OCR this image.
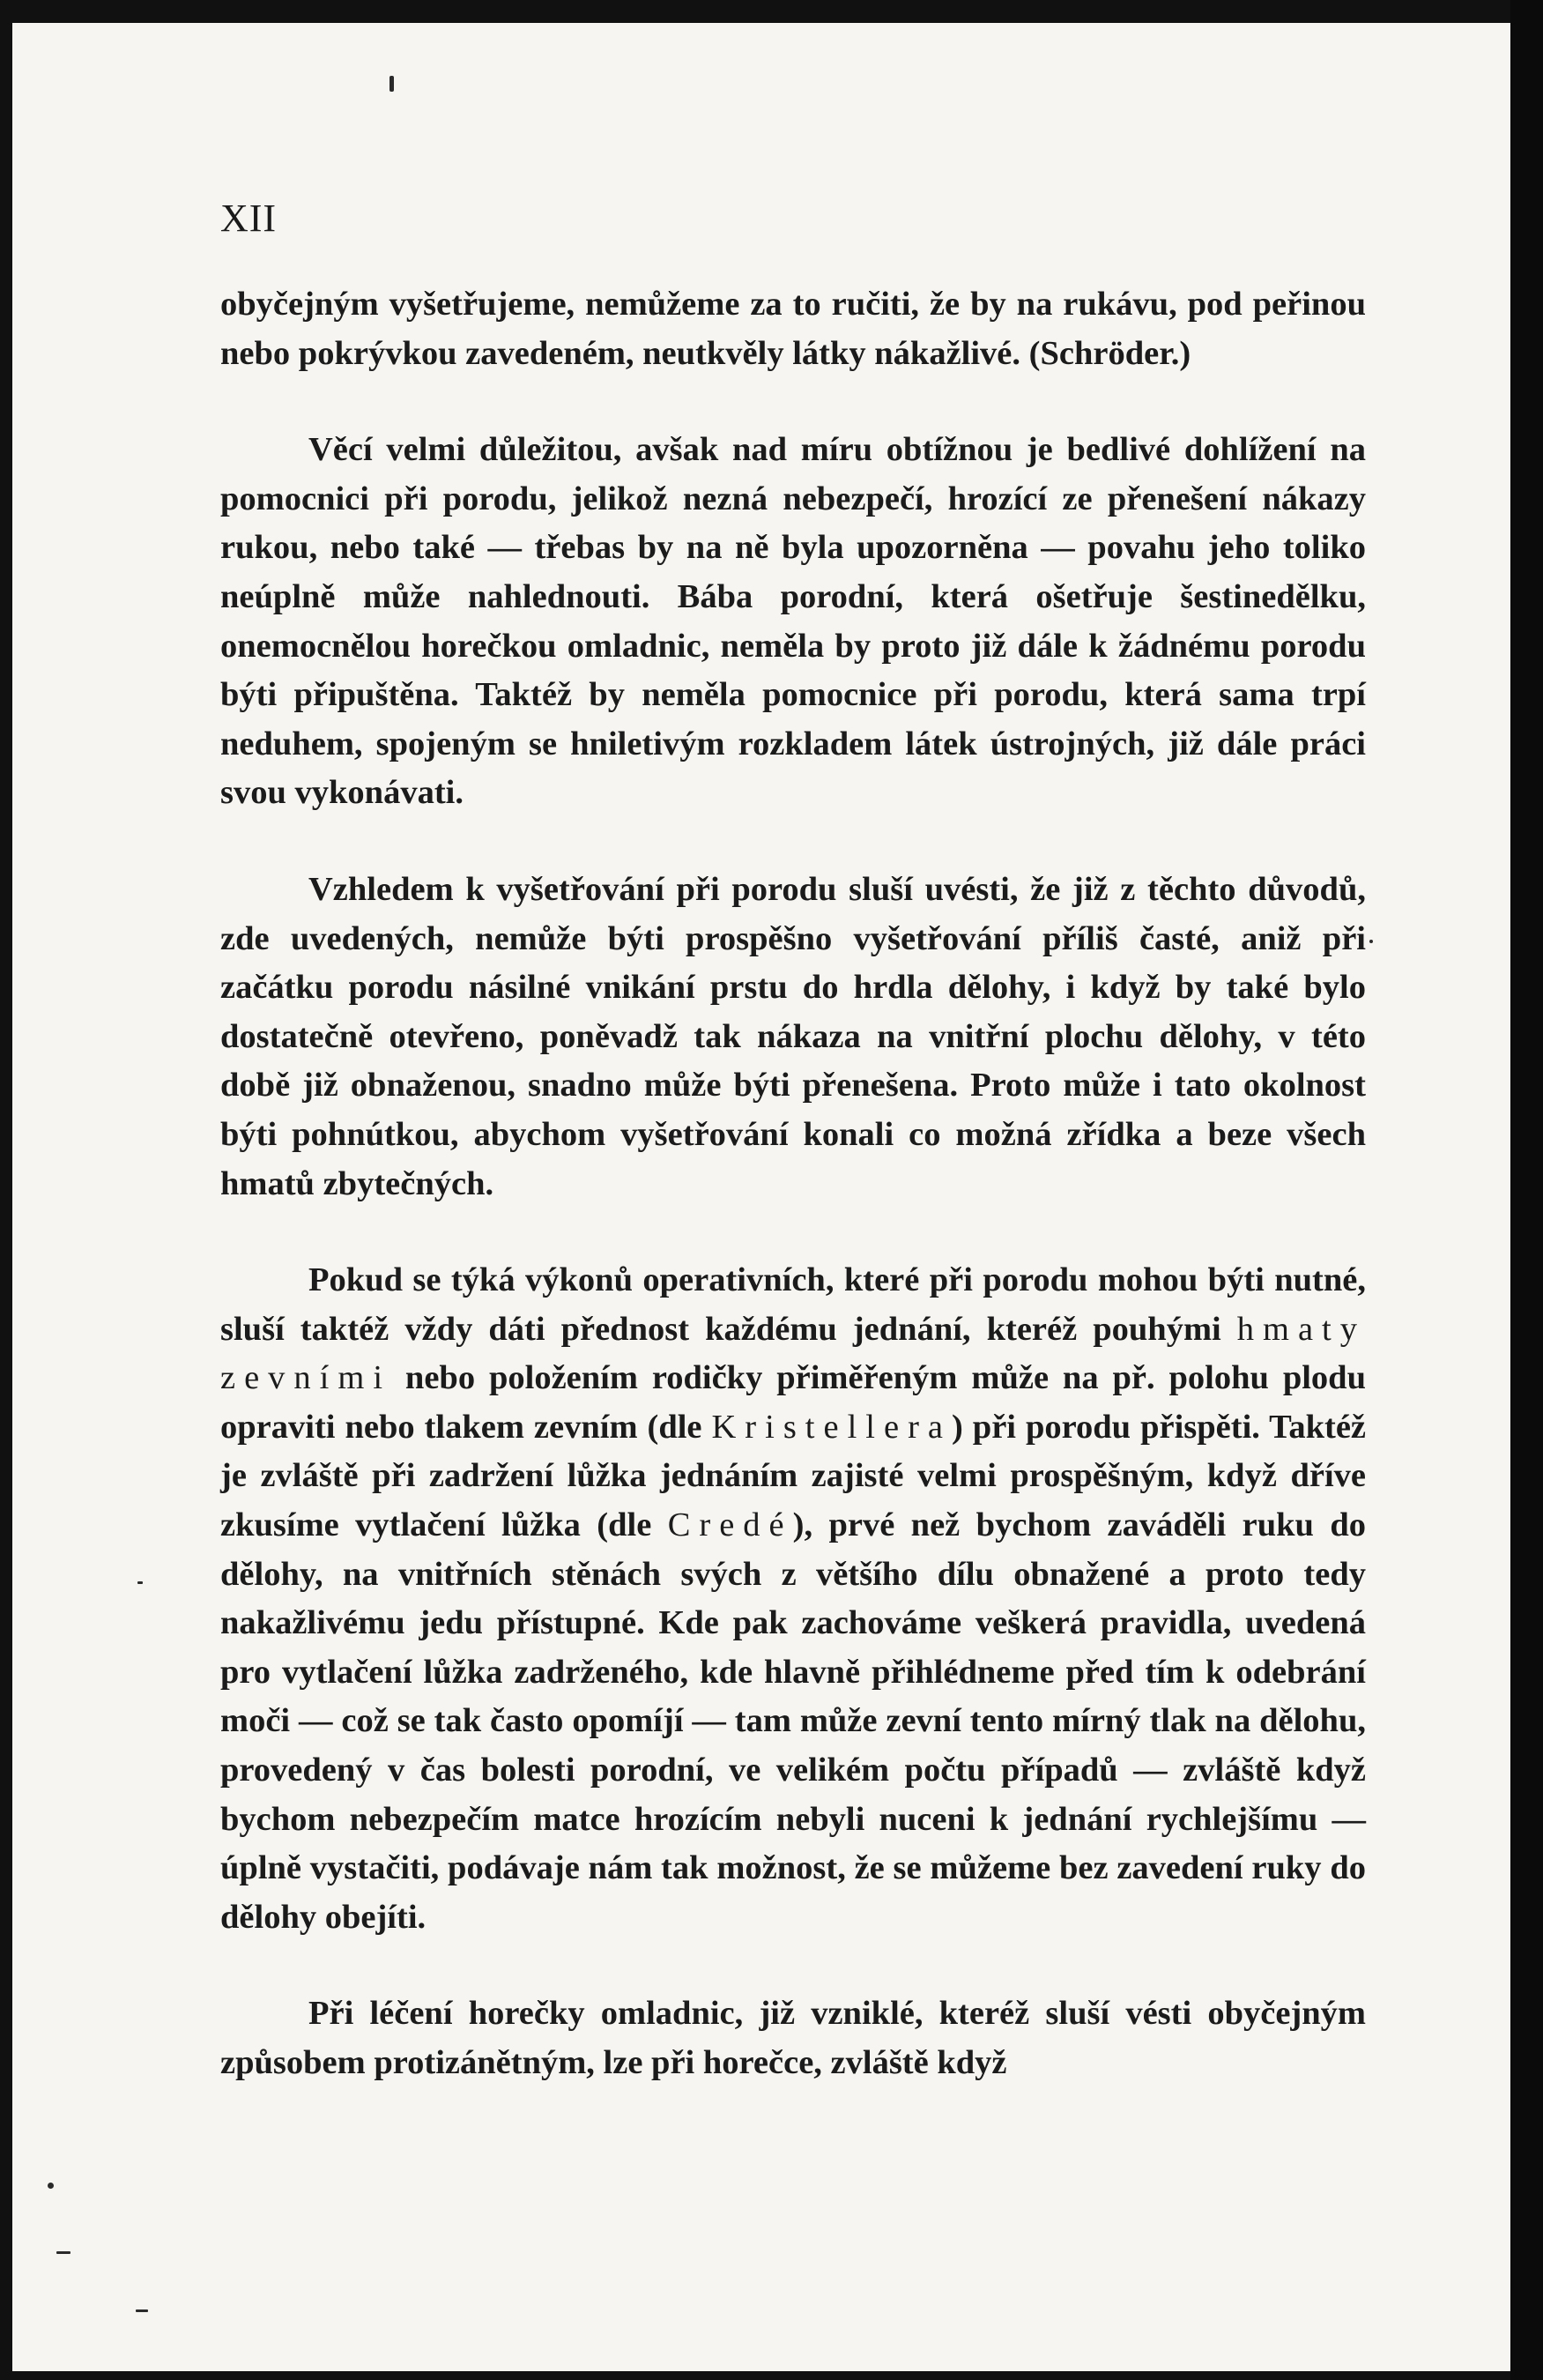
XII

obyčejným vyšetřujeme, nemůžeme za to ručiti, že by na rukávu, pod peřinou nebo pokrývkou zavedeném, neutkvěly látky nákažlivé. (Schröder.)

Věcí velmi důležitou, avšak nad míru obtížnou je bedlivé dohlížení na pomocnici při porodu, jelikož nezná nebezpečí, hrozící ze přenešení nákazy rukou, nebo také — třebas by na ně byla upozorněna — povahu jeho toliko neúplně může nahlednouti. Bába porodní, která ošetřuje šestinedělku, onemocnělou horečkou omladnic, neměla by proto již dále k žádnému porodu býti připuštěna. Taktéž by neměla pomocnice při porodu, která sama trpí neduhem, spojeným se hniletivým rozkladem látek ústrojných, již dále práci svou vykonávati.

Vzhledem k vyšetřování při porodu sluší uvésti, že již z těchto důvodů, zde uvedených, nemůže býti prospěšno vyšetřování příliš časté, aniž při začátku porodu násilné vnikání prstu do hrdla dělohy, i když by také bylo dostatečně otevřeno, poněvadž tak nákaza na vnitřní plochu dělohy, v této době již obnaženou, snadno může býti přenešena. Proto může i tato okolnost býti pohnútkou, abychom vyšetřování konali co možná zřídka a beze všech hmatů zbytečných.

Pokud se týká výkonů operativních, které při porodu mohou býti nutné, sluší taktéž vždy dáti přednost každému jednání, kteréž pouhými hmaty zevními nebo položením rodičky přiměřeným může na př. polohu plodu opraviti nebo tlakem zevním (dle Kristellera) při porodu přispěti. Taktéž je zvláště při zadržení lůžka jednáním zajisté velmi prospěšným, když dříve zkusíme vytlačení lůžka (dle Credé), prvé než bychom zaváděli ruku do dělohy, na vnitřních stěnách svých z většího dílu obnažené a proto tedy nakažlivému jedu přístupné. Kde pak zachováme veškerá pravidla, uvedená pro vytlačení lůžka zadrženého, kde hlavně přihlédneme před tím k odebrání moči — což se tak často opomíjí — tam může zevní tento mírný tlak na dělohu, provedený v čas bolesti porodní, ve velikém počtu případů — zvláště když bychom nebezpečím matce hrozícím nebyli nuceni k jednání rychlejšímu — úplně vystačiti, podávaje nám tak možnost, že se můžeme bez zavedení ruky do dělohy obejíti.

Při léčení horečky omladnic, již vzniklé, kteréž sluší vésti obyčejným způsobem protizánětným, lze při horečce, zvláště když
